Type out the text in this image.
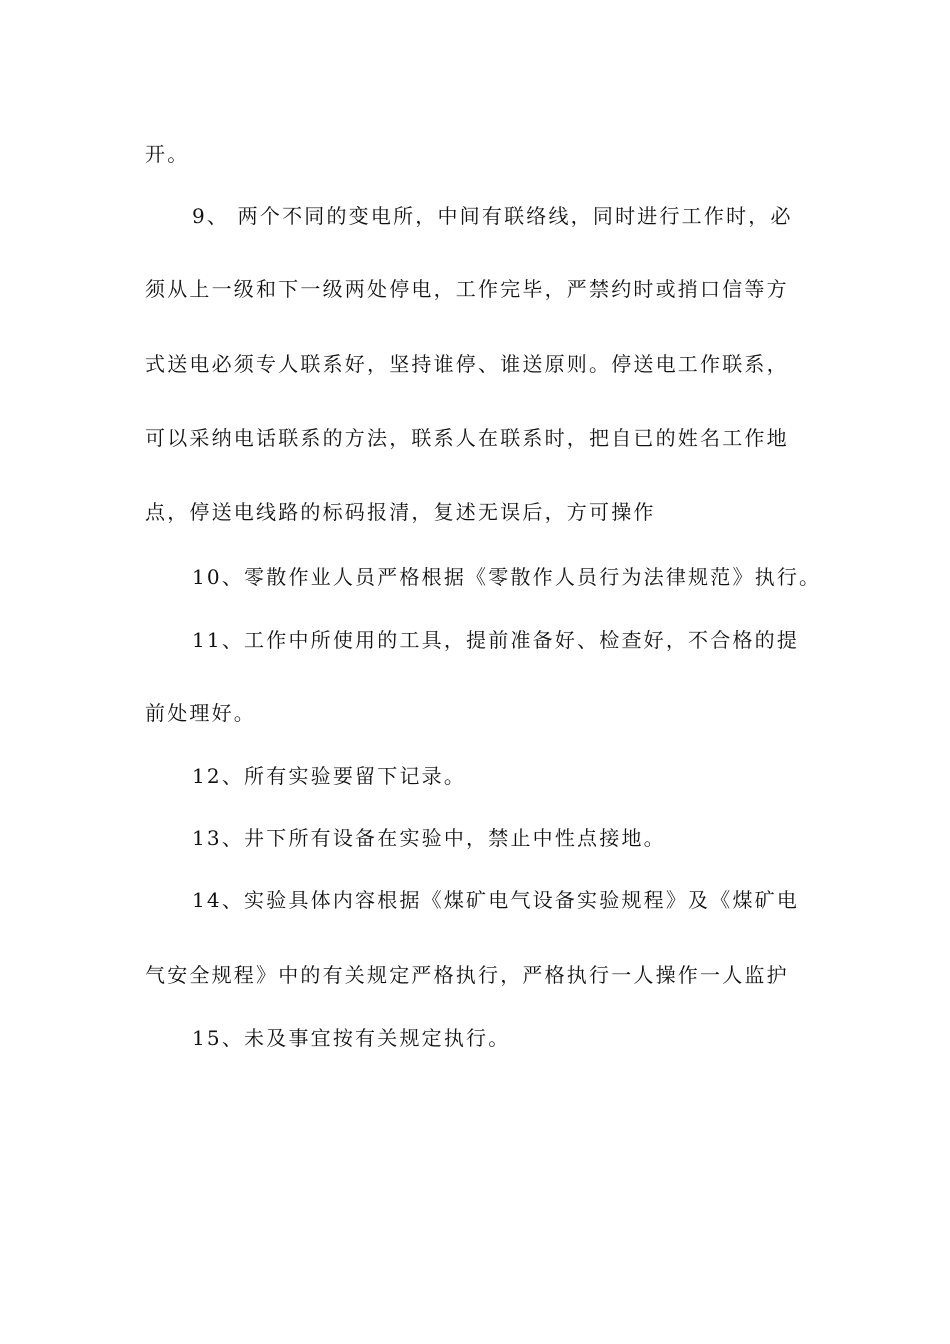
开。
9、 两个不同的变电所，中间有联络线，同时进行工作时，必
须从上一级和下一级两处停电，工作完毕，严禁约时或捎口信等方
式送电必须专人联系好，坚持谁停、谁送原则。停送电工作联系，
可以采纳电话联系的方法，联系人在联系时，把自已的姓名工作地
点，停送电线路的标码报清，复述无误后，方可操作
10、零散作业人员严格根据《零散作人员行为法律规范》执行。
11、工作中所使用的工具，提前准备好、检查好，不合格的提
前处理好。
12、所有实验要留下记录。
13、井下所有设备在实验中，禁止中性点接地。
14、实验具体内容根据《煤矿电气设备实验规程》及《煤矿电
气安全规程》中的有关规定严格执行，严格执行一人操作一人监护
15、未及事宜按有关规定执行。
